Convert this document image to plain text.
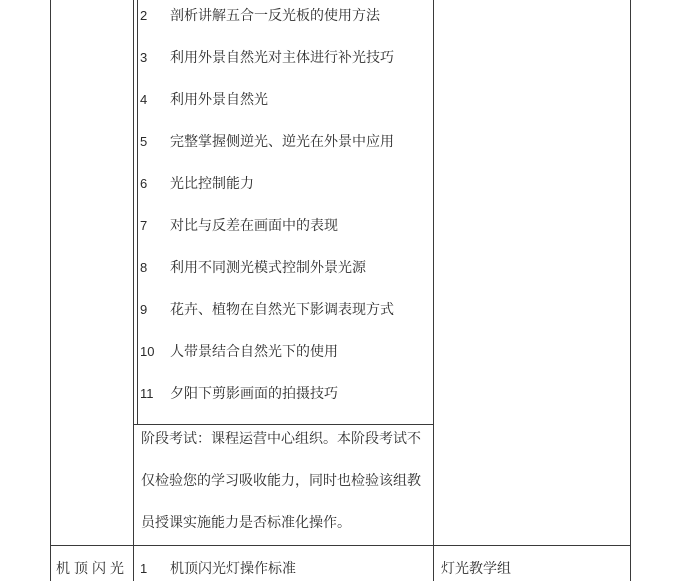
2	剖析讲解五合一反光板的使用方法
3	利用外景自然光对主体进行补光技巧
4	利用外景自然光
5	完整掌握侧逆光、逆光在外景中应用
6	光比控制能力
7	对比与反差在画面中的表现
8	利用不同测光模式控制外景光源
9	花卉、植物在自然光下影调表现方式
10	人带景结合自然光下的使用
11	夕阳下剪影画面的拍摄技巧
阶段考试：课程运营中心组织。本阶段考试不
仅检验您的学习吸收能力，同时也检验该组教
员授课实施能力是否标准化操作。
机顶闪光 1	机顶闪光灯操作标准	灯光教学组
